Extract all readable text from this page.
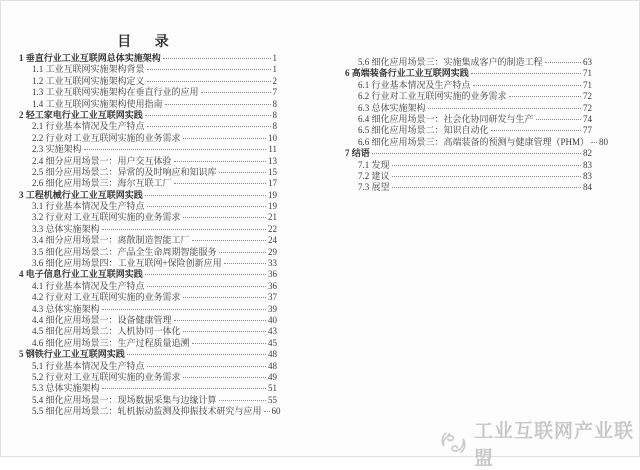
目 录
1 垂直行业工业互联网总体实施架构	1
1.1 工业互联网实施架构背景	1
1.2 工业互联网实施架构定义	2
1.3 工业互联网实施架构在垂直行业的应用	7
1.4 工业互联网实施架构使用指南	8
2 轻工家电行业工业互联网实践	8
2.1 行业基本情况及生产特点	8
2.2 行业对工业互联网实施的业务需求	10
2.3 实施架构	11
2.4 细分应用场景一：用户交互体验	13
2.5 细分应用场景二：异常的及时响应和知识库	15
2.6 细化应用场景三：海尔互联工厂	17
3 工程机械行业工业互联网实践	19
3.1 行业基本情况及生产特点	19
3.2 行业对工业互联网实施的业务需求	21
3.3 总体实施架构	22
3.4 细分应用场景一：离散制造智能工厂	24
3.5 细化应用场景二：产品全生命周期智能服务	29
3.6 细化应用场景四：工业互联网+保险创新应用	33
4 电子信息行业工业互联网实践	36
4.1 行业基本情况及生产特点	36
4.2 行业对工业互联网实施的业务需求	37
4.3 总体实施架构	39
4.4 细化应用场景一：设备健康管理	40
4.5 细化应用场景二：人机协同一体化	43
4.6 细化应用场景三：生产过程质量追溯	45
5 钢铁行业工业互联网实践	48
5.1 行业基本情况及生产特点	48
5.2 行业对工业互联网实施的业务需求	49
5.3 总体实施架构	51
5.4 细化应用场景一：现场数据采集与边缘计算	55
5.5 细化应用场景二：轧机振动监测及抑振技术研究与应用 60
5.6 细化应用场景三：实施集成客户的制造工程	63
6 高端装备行业工业互联网实践	71
6.1 行业基本情况及生产特点	71
6.2 行业对工业互联网实施的业务需求	72
6.3 总体实施架构	72
6.4 细化应用场景一：社会化协同研发与生产	74
6.5 细化应用场景二：知识自动化	77
6.6 细化应用场景三：高端装备的预测与健康管理（PHM） 80
7 结语	82
7.1 发现	83
7.2 建议	83
7.3 展望	84
工业互联网产业联盟
